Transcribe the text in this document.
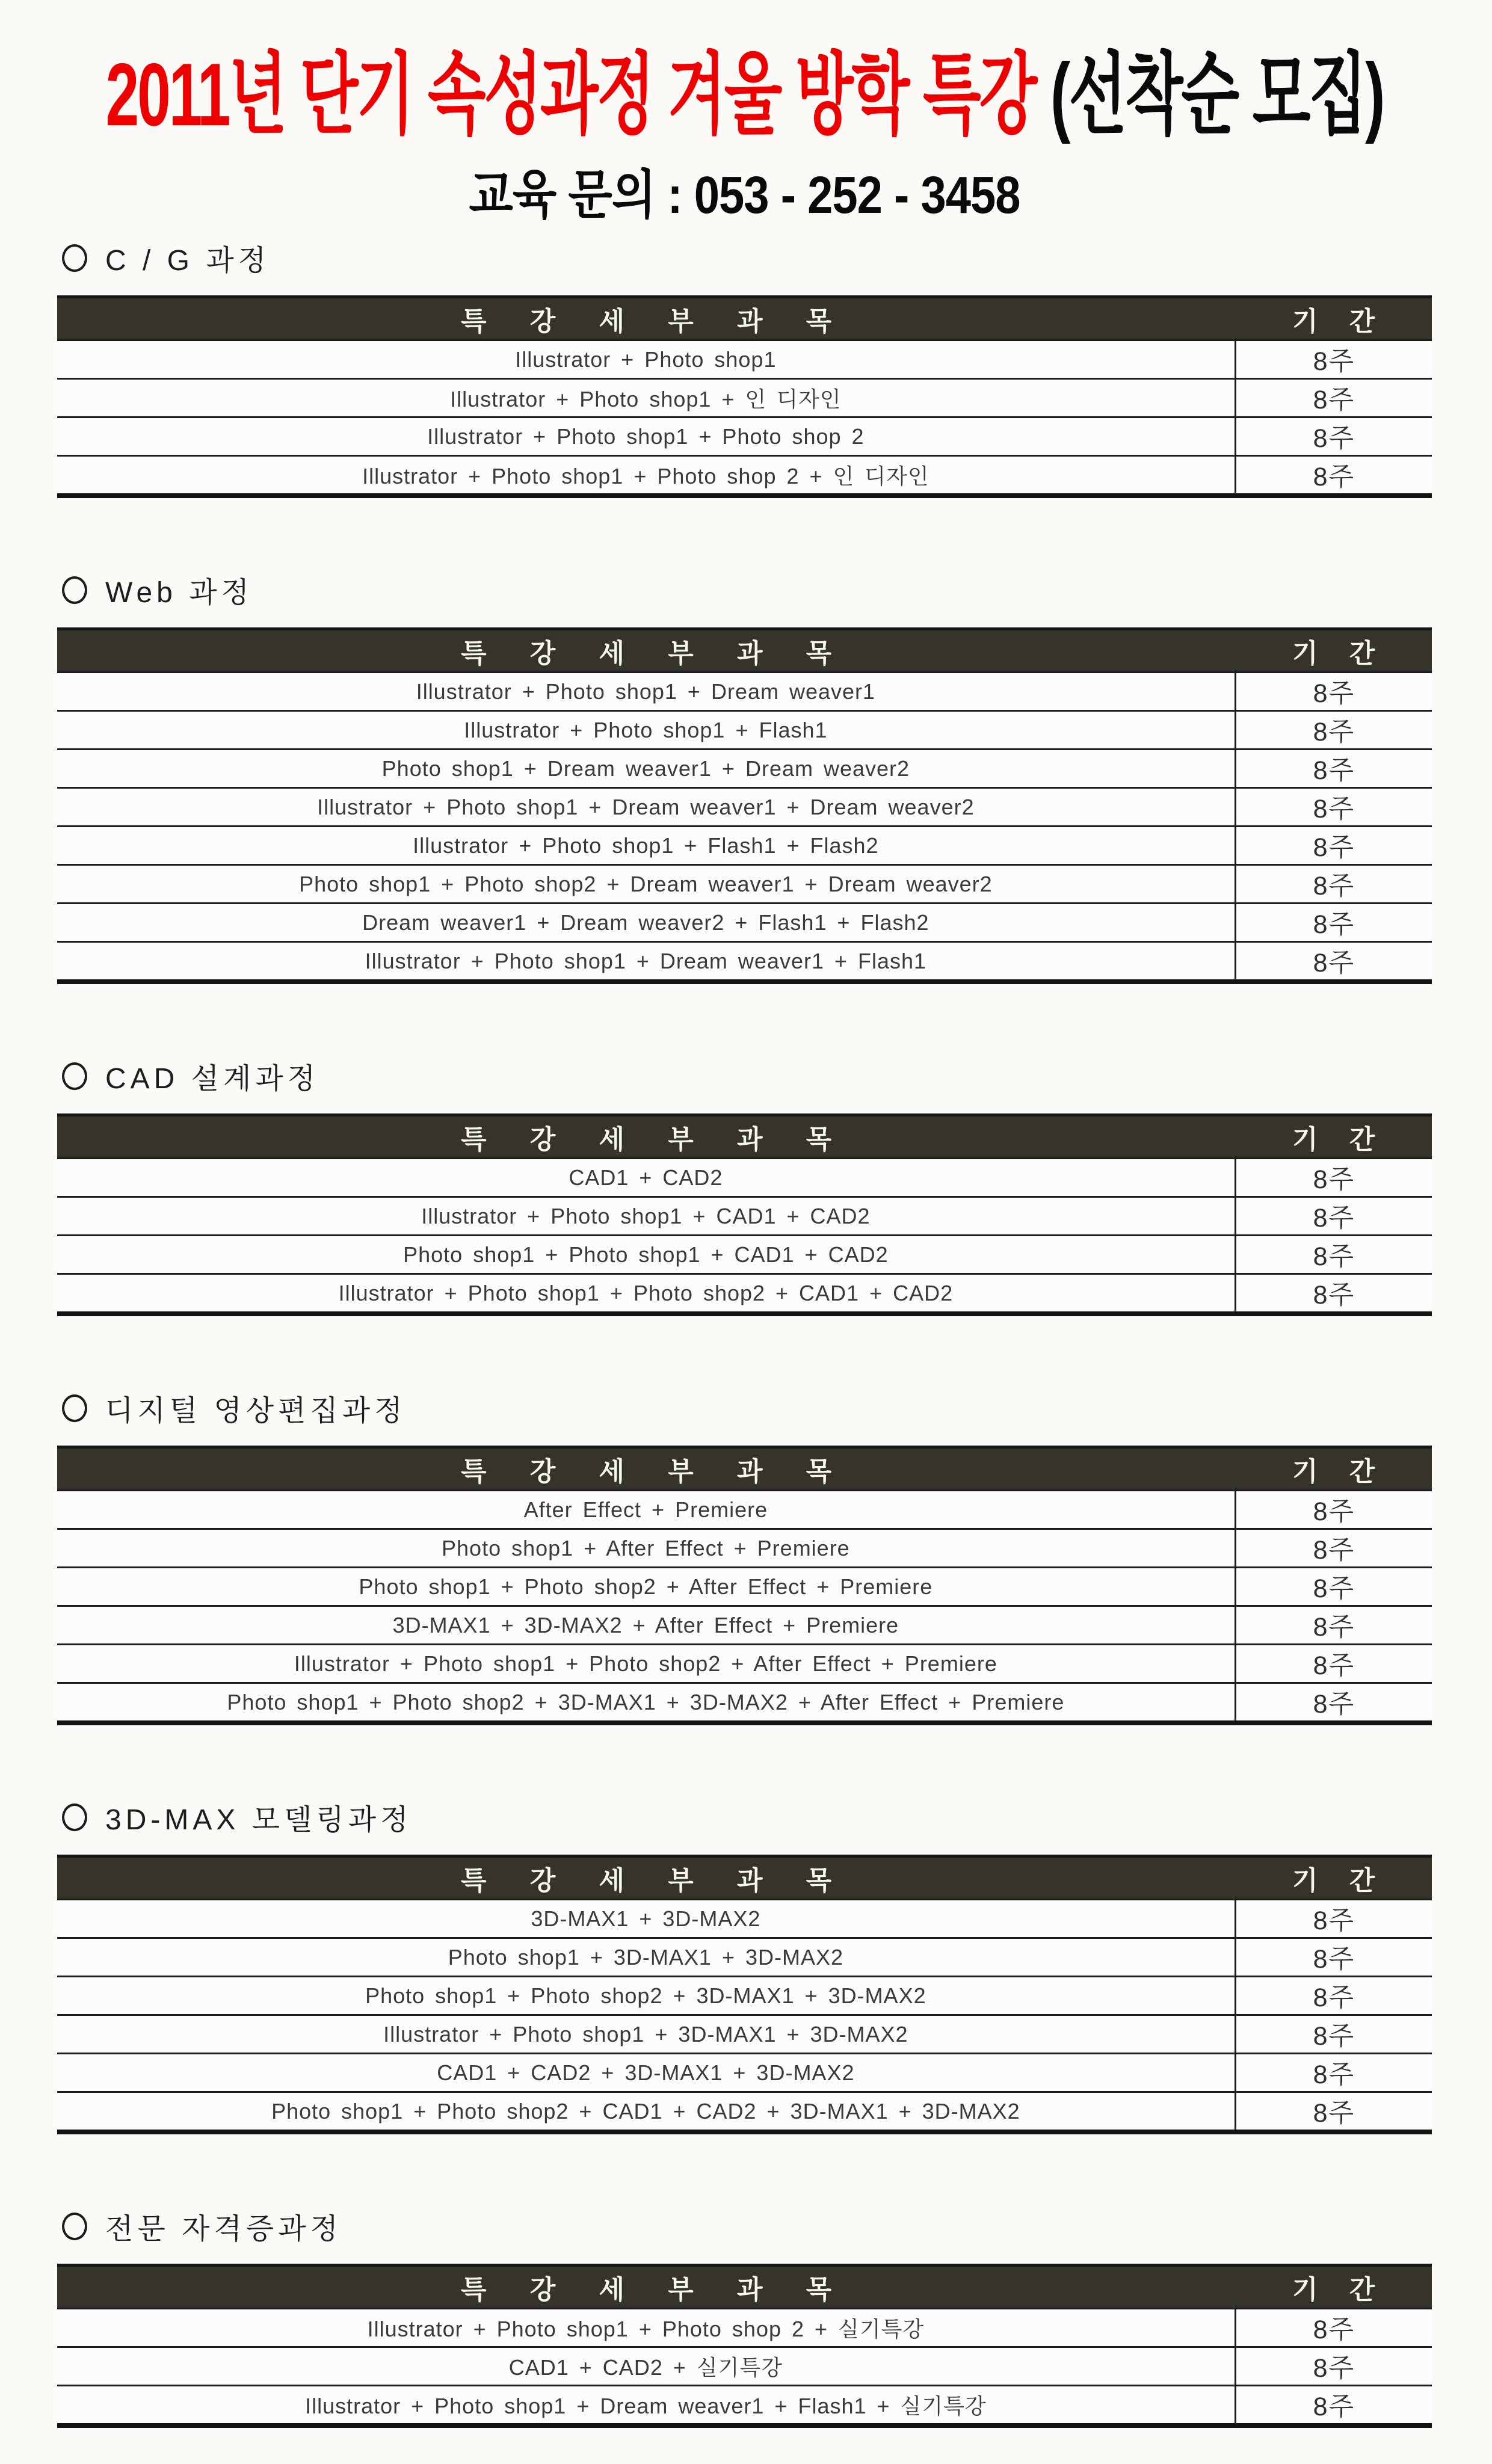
2011년 단기 속성과정 겨울 방학 특강 (선착순 모집)
교육 문의 : 053 - 252 - 3458
C / G 과정
특 강 세 부 과 목	기 간
Illustrator + Photo shop1	8주
Illustrator + Photo shop1 + 인 디자인	8주
Illustrator + Photo shop1 + Photo shop 2	8주
Illustrator + Photo shop1 + Photo shop 2 + 인 디자인	8주
Web 과정
특 강 세 부 과 목	기 간
Illustrator + Photo shop1 + Dream weaver1	8주
Illustrator + Photo shop1 + Flash1	8주
Photo shop1 + Dream weaver1 + Dream weaver2	8주
Illustrator + Photo shop1 + Dream weaver1 + Dream weaver2	8주
Illustrator + Photo shop1 + Flash1 + Flash2	8주
Photo shop1 + Photo shop2 + Dream weaver1 + Dream weaver2	8주
Dream weaver1 + Dream weaver2 + Flash1 + Flash2	8주
Illustrator + Photo shop1 + Dream weaver1 + Flash1	8주
CAD 설계과정
특 강 세 부 과 목	기 간
CAD1 + CAD2	8주
Illustrator + Photo shop1 + CAD1 + CAD2	8주
Photo shop1 + Photo shop1 + CAD1 + CAD2	8주
Illustrator + Photo shop1 + Photo shop2 + CAD1 + CAD2	8주
디지털 영상편집과정
특 강 세 부 과 목	기 간
After Effect + Premiere	8주
Photo shop1 + After Effect + Premiere	8주
Photo shop1 + Photo shop2 + After Effect + Premiere	8주
3D-MAX1 + 3D-MAX2 + After Effect + Premiere	8주
Illustrator + Photo shop1 + Photo shop2 + After Effect + Premiere	8주
Photo shop1 + Photo shop2 + 3D-MAX1 + 3D-MAX2 + After Effect + Premiere	8주
3D-MAX 모델링과정
특 강 세 부 과 목	기 간
3D-MAX1 + 3D-MAX2	8주
Photo shop1 + 3D-MAX1 + 3D-MAX2	8주
Photo shop1 + Photo shop2 + 3D-MAX1 + 3D-MAX2	8주
Illustrator + Photo shop1 + 3D-MAX1 + 3D-MAX2	8주
CAD1 + CAD2 + 3D-MAX1 + 3D-MAX2	8주
Photo shop1 + Photo shop2 + CAD1 + CAD2 + 3D-MAX1 + 3D-MAX2	8주
전문 자격증과정
특 강 세 부 과 목	기 간
Illustrator + Photo shop1 + Photo shop 2 + 실기특강	8주
CAD1 + CAD2 + 실기특강	8주
Illustrator + Photo shop1 + Dream weaver1 + Flash1 + 실기특강	8주
